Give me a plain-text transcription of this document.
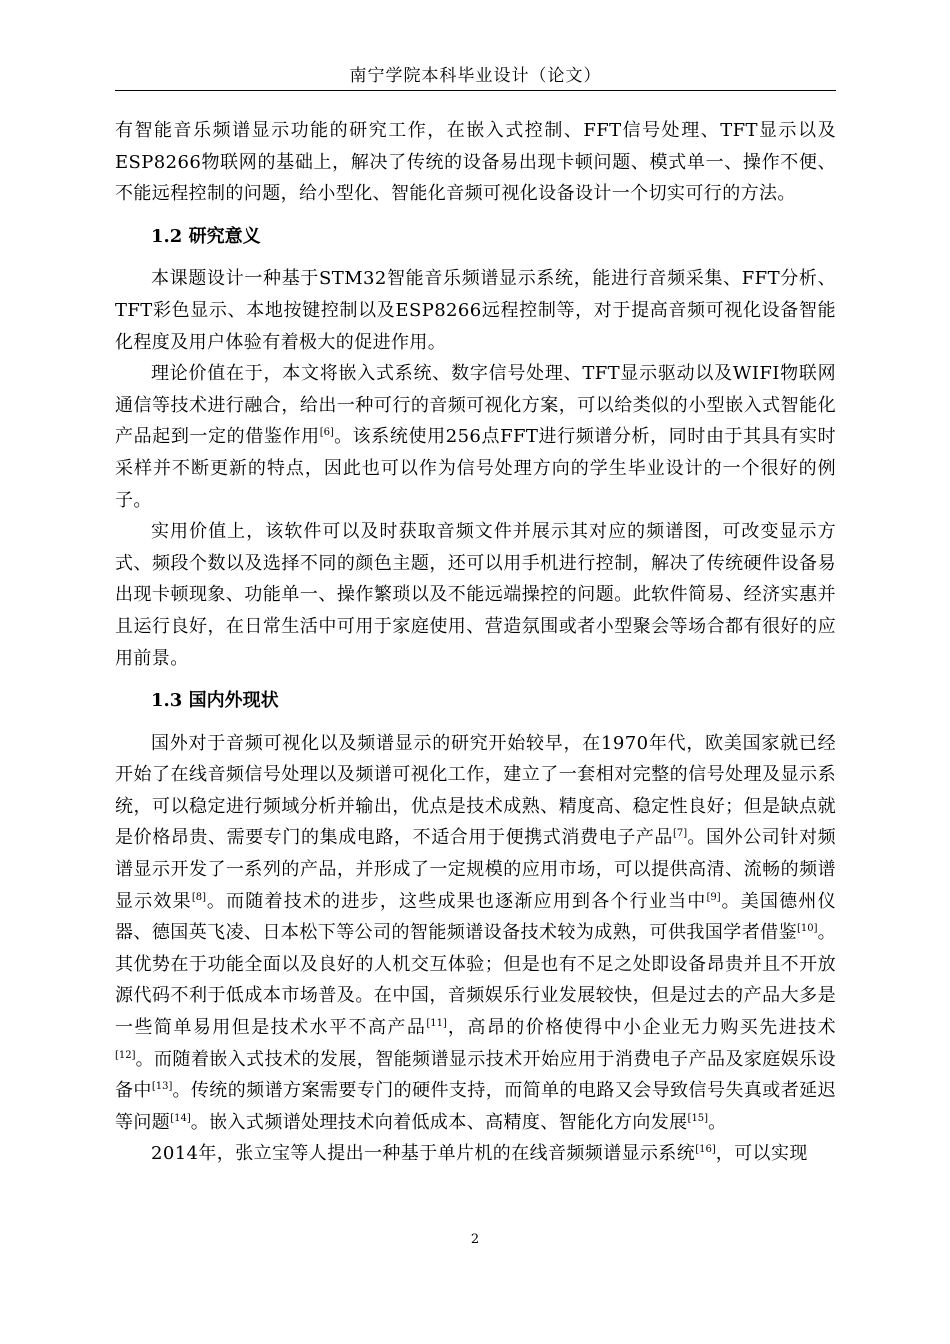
南宁学院本科毕业设计（论文）

有智能音乐频谱显示功能的研究工作，在嵌入式控制、FFT信号处理、TFT显示以及ESP8266物联网的基础上，解决了传统的设备易出现卡顿问题、模式单一、操作不便、不能远程控制的问题，给小型化、智能化音频可视化设备设计一个切实可行的方法。

1.2 研究意义

本课题设计一种基于STM32智能音乐频谱显示系统，能进行音频采集、FFT分析、TFT彩色显示、本地按键控制以及ESP8266远程控制等，对于提高音频可视化设备智能化程度及用户体验有着极大的促进作用。

理论价值在于，本文将嵌入式系统、数字信号处理、TFT显示驱动以及WIFI物联网通信等技术进行融合，给出一种可行的音频可视化方案，可以给类似的小型嵌入式智能化产品起到一定的借鉴作用[6]。该系统使用256点FFT进行频谱分析，同时由于其具有实时采样并不断更新的特点，因此也可以作为信号处理方向的学生毕业设计的一个很好的例子。

实用价值上，该软件可以及时获取音频文件并展示其对应的频谱图，可改变显示方式、频段个数以及选择不同的颜色主题，还可以用手机进行控制，解决了传统硬件设备易出现卡顿现象、功能单一、操作繁琐以及不能远端操控的问题。此软件简易、经济实惠并且运行良好，在日常生活中可用于家庭使用、营造氛围或者小型聚会等场合都有很好的应用前景。

1.3 国内外现状

国外对于音频可视化以及频谱显示的研究开始较早，在1970年代，欧美国家就已经开始了在线音频信号处理以及频谱可视化工作，建立了一套相对完整的信号处理及显示系统，可以稳定进行频域分析并输出，优点是技术成熟、精度高、稳定性良好；但是缺点就是价格昂贵、需要专门的集成电路，不适合用于便携式消费电子产品[7]。国外公司针对频谱显示开发了一系列的产品，并形成了一定规模的应用市场，可以提供高清、流畅的频谱显示效果[8]。而随着技术的进步，这些成果也逐渐应用到各个行业当中[9]。美国德州仪器、德国英飞凌、日本松下等公司的智能频谱设备技术较为成熟，可供我国学者借鉴[10]。其优势在于功能全面以及良好的人机交互体验；但是也有不足之处即设备昂贵并且不开放源代码不利于低成本市场普及。在中国，音频娱乐行业发展较快，但是过去的产品大多是一些简单易用但是技术水平不高产品[11]，高昂的价格使得中小企业无力购买先进技术[12]。而随着嵌入式技术的发展，智能频谱显示技术开始应用于消费电子产品及家庭娱乐设备中[13]。传统的频谱方案需要专门的硬件支持，而简单的电路又会导致信号失真或者延迟等问题[14]。嵌入式频谱处理技术向着低成本、高精度、智能化方向发展[15]。

2014年，张立宝等人提出一种基于单片机的在线音频频谱显示系统[16]，可以实现

2
